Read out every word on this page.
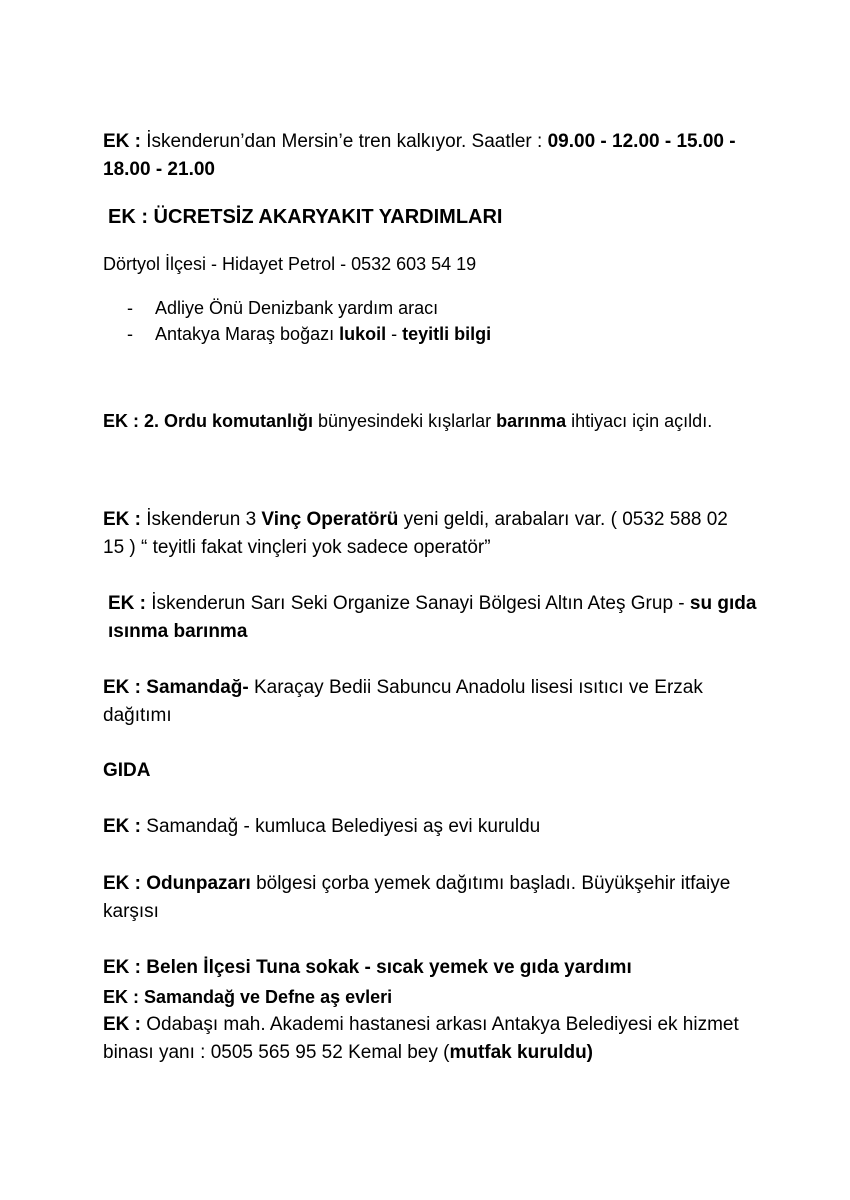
EK : İskenderun’dan Mersin’e tren kalkıyor. Saatler : 09.00 - 12.00 - 15.00 - 18.00 - 21.00

EK : ÜCRETSİZ AKARYAKIT YARDIMLARI

Dörtyol İlçesi - Hidayet Petrol - 0532 603 54 19

- Adliye Önü Denizbank yardım aracı
- Antakya Maraş boğazı lukoil - teyitli bilgi

EK : 2. Ordu komutanlığı bünyesindeki kışlarlar barınma ihtiyacı için açıldı.

EK : İskenderun 3 Vinç Operatörü yeni geldi, arabaları var. ( 0532 588 02 15 ) “ teyitli fakat vinçleri yok sadece operatör”

EK : İskenderun Sarı Seki Organize Sanayi Bölgesi Altın Ateş Grup - su gıda ısınma barınma

EK : Samandağ- Karaçay Bedii Sabuncu Anadolu lisesi ısıtıcı ve Erzak dağıtımı

GIDA

EK : Samandağ - kumluca Belediyesi aş evi kuruldu

EK : Odunpazarı bölgesi çorba yemek dağıtımı başladı. Büyükşehir itfaiye karşısı

EK : Belen İlçesi Tuna sokak - sıcak yemek ve gıda yardımı

EK : Samandağ ve Defne aş evleri

EK : Odabaşı mah. Akademi hastanesi arkası Antakya Belediyesi ek hizmet binası yanı : 0505 565 95 52 Kemal bey (mutfak kuruldu)
